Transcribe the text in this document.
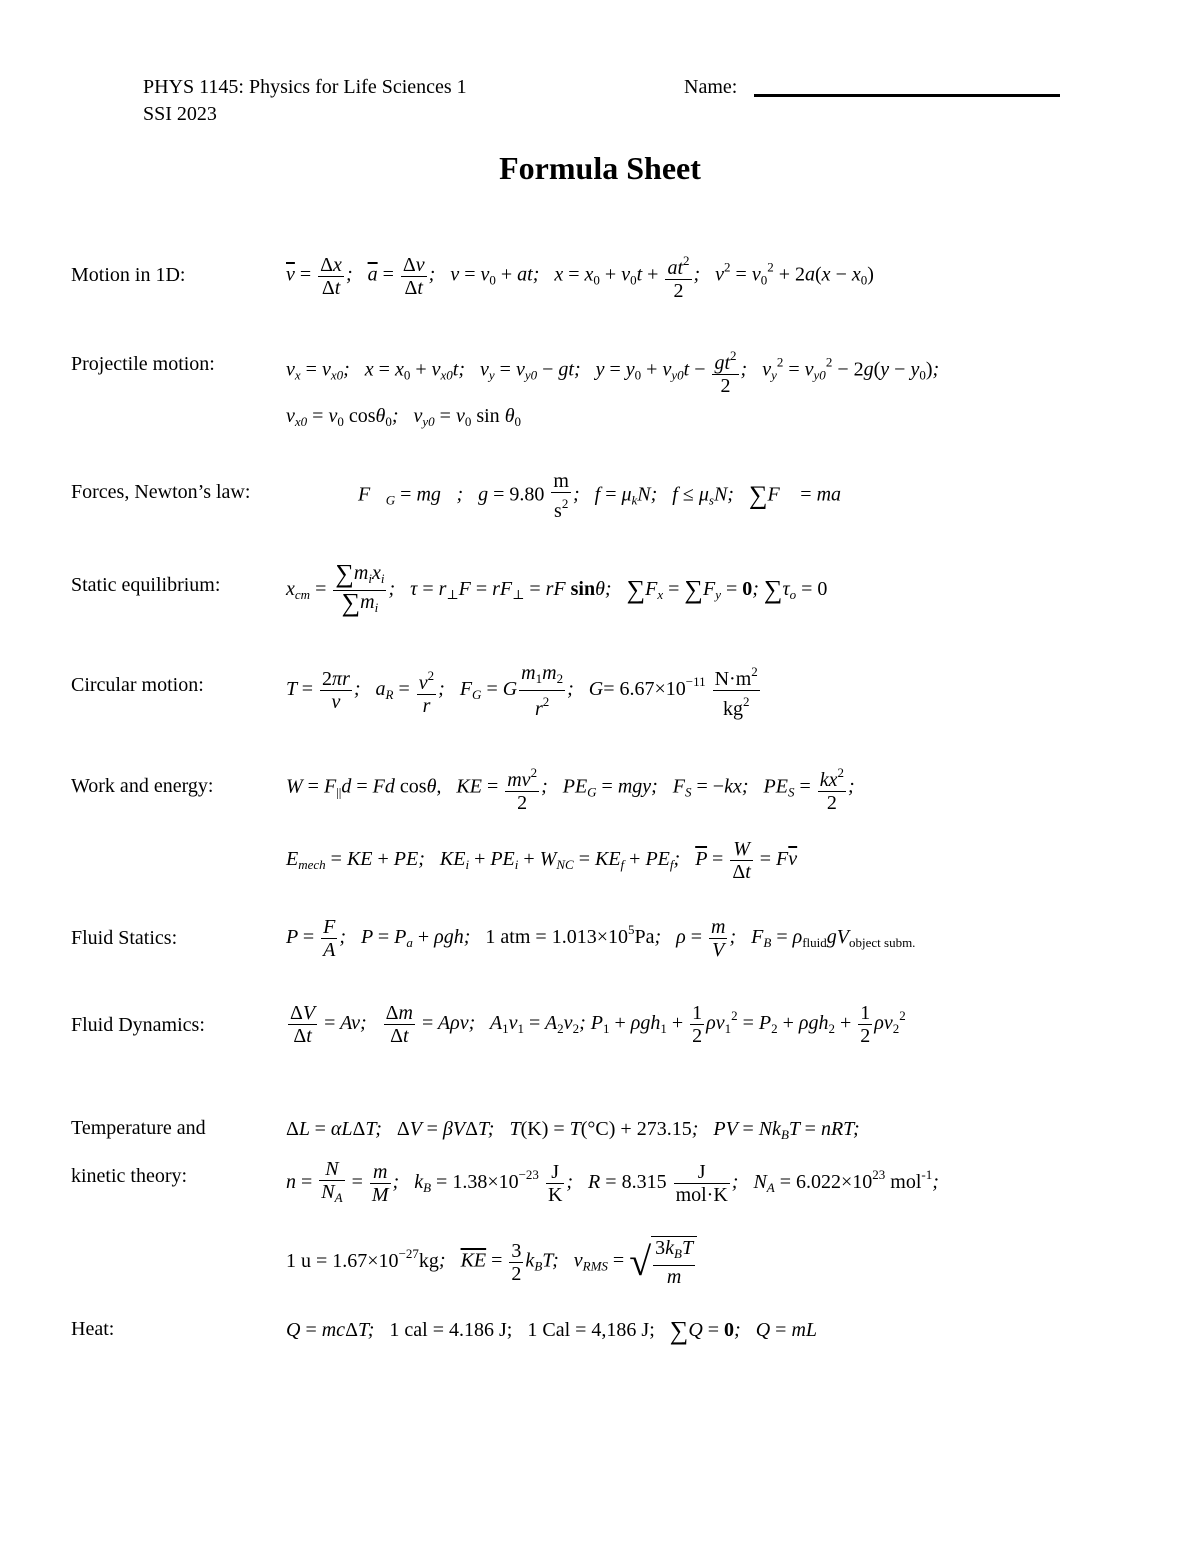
PHYS 1145: Physics for Life Sciences 1
SSI 2023
Name:
Formula Sheet
Motion in 1D:	$\overline{v} = \frac{\Delta x}{\Delta t}$ ;   $\overline{a} = \frac{\Delta v}{\Delta t}$ ;   $v = v_0$ + at;   $x = x_0 + v_0t + \frac{at^2}{2}$ ;   $v^2 = v_0^2 + 2a(x - x_0)$
Projectile motion:	$v_x = v_{x0}$;   $x = x_0 + v_{x0}t$;   $v_y = v_{y0}$ − gt;   $y = y_0 + v_{y0}t - \frac{gt^2}{2}$ ;   $v_y^2 = v_{y0}^2 - 2g(y - y_0)$;
$v_{x0} = v_0$ cosθ$_0$;   $v_{y0} = v_0$ $\sin \theta_0$
Forces, Newton’s law:	$F⃗_G$ = mg⃗;   $g = 9.80 \frac{m}{s^2}$ ;   $f = \mu_kN$;   $f \le \mu_sN$;   ∑F⃗ = ma⃗
Static equilibrium:	$x_{cm} = \frac{\sum m_ix_i}{\sum m_i}$ ;   $\tau = r_\perp F = rF_\perp$ = rF sinθ;   $\sum F_x = \sum F_y = 0$; $\sum\tau_o = 0$
Circular motion:	$T = \frac{2\pi r}{v}$ ;   $a_R = \frac{v^2}{r}$ ;   $F_G = G \frac{m_1m_2}{r^2}$ ;   $G= 6.67\times 10^{-11} \frac{N\cdot m^2}{kg^2}$
Work and energy:	$W = F_{||}d = Fd$ cosθ,   KE = $\frac{mv^2}{2}$ ;   $PE_G$ = mgy;   $F_S = -kx$;   $PE_S = \frac{kx^2}{2}$ ;
$E_{mech}$ = KE + PE;   $KE_i + PE_i + W_{NC} = KE_f + PE_f$;   $\overline{P} = \frac{W}{\Delta t} = F\overline{v}$
Fluid Statics:	$P = \frac{F}{A}$ ;   $P = P_a + \rho gh$;   1 atm = $1.013\times 10^5Pa$;   $\rho = \frac{m}{V}$ ;   $F_B = \rho_{fluid}gV_{object subm.}$
Fluid Dynamics:	$\frac{\Delta V}{\Delta t} = Av$; $\frac{\Delta m}{\Delta t} = A\rho v$;   $A_1v_1 = A_2v_2$; $P_1 + \rho gh_1 + \frac{1}{2} \rho v_1^2 = P_2 + \rho gh_2 + \frac{1}{2} \rho v_2^2$
Temperature and
kinetic theory:
ΔL = αLΔT;   ΔV = βVΔT;   T(K) = T(°C) + 273.15;   PV = $Nk_BT$ = nRT;
$n = \frac{N}{N_A} = \frac{m}{M}$ ;   $k_B = 1.38\times 10^{-23} \frac{J}{K}$ ;   $R = 8.315 \frac{J}{\text{mol·K}}$ ;   $N_A = 6.022\times 10^{23}$ mol$^{-1}$;
1 $u = 1.67\times 10^{-27}kg$;   $\overline{KE} = \frac{3}{2} k_BT$;   $v_{RMS}$ = √ $\frac{3k_BT}{m}$
Heat:	Q = mcΔT;   1 cal = 4.186 J; 1 Cal = 4,186 J; ∑Q = 0;   Q = mL
